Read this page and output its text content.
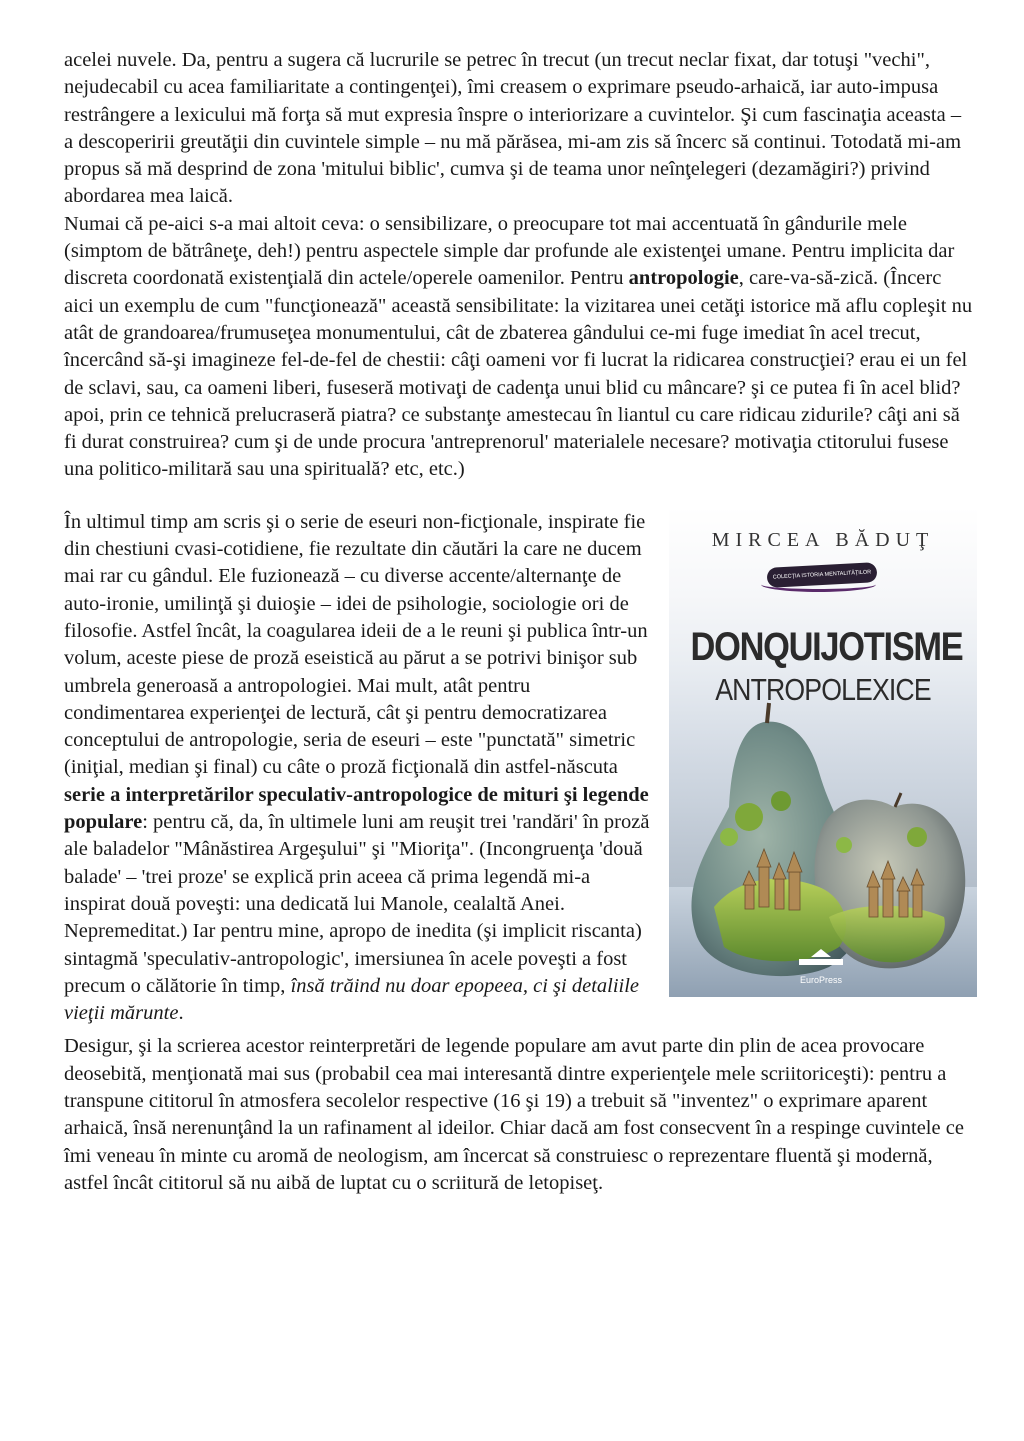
acelei nuvele. Da, pentru a sugera că lucrurile se petrec în trecut (un trecut neclar fixat, dar totuşi "vechi", nejudecabil cu acea familiaritate a contingenţei), îmi creasem o exprimare pseudo-arhaică, iar auto-impusa restrângere a lexicului mă forţa să mut expresia înspre o interiorizare a cuvintelor. Şi cum fascinaţia aceasta – a descoperirii greutăţii din cuvintele simple – nu mă părăsea, mi-am zis să încerc să continui. Totodată mi-am propus să mă desprind de zona 'mitului biblic', cumva şi de teama unor neînţelegeri (dezamăgiri?) privind abordarea mea laică.

Numai că pe-aici s-a mai altoit ceva: o sensibilizare, o preocupare tot mai accentuată în gândurile mele (simptom de bătrâneţe, deh!) pentru aspectele simple dar profunde ale existenţei umane. Pentru implicita dar discreta coordonată existenţială din actele/operele oamenilor. Pentru antropologie, care-va-să-zică. (Încerc aici un exemplu de cum "funcţionează" această sensibilitate: la vizitarea unei cetăţi istorice mă aflu copleşit nu atât de grandoarea/frumuseţea monumentului, cât de zbaterea gândului ce-mi fuge imediat în acel trecut, încercând să-şi imagineze fel-de-fel de chestii: câţi oameni vor fi lucrat la ridicarea construcţiei? erau ei un fel de sclavi, sau, ca oameni liberi, fuseseră motivaţi de cadenţa unui blid cu mâncare? şi ce putea fi în acel blid? apoi, prin ce tehnică prelucraseră piatra? ce substanţe amestecau în liantul cu care ridicau zidurile? câţi ani să fi durat construirea? cum şi de unde procura 'antreprenorul' materialele necesare? motivaţia ctitorului fusese una politico-militară sau una spirituală? etc, etc.)

MIRCEA BĂDUŢ
COLECŢIA ISTORIA MENTALITĂŢILOR
DONQUIJOTISME
ANTROPOLEXICE
EuroPress

În ultimul timp am scris şi o serie de eseuri non-ficţionale, inspirate fie din chestiuni cvasi-cotidiene, fie rezultate din căutări la care ne ducem mai rar cu gândul. Ele fuzionează – cu diverse accente/alternanţe de auto-ironie, umilinţă şi duioşie – idei de psihologie, sociologie ori de filosofie. Astfel încât, la coagularea ideii de a le reuni şi publica într-un volum, aceste piese de proză eseistică au părut a se potrivi binişor sub umbrela generoasă a antropologiei. Mai mult, atât pentru condimentarea experienţei de lectură, cât şi pentru democratizarea conceptului de antropologie, seria de eseuri – este "punctată" simetric (iniţial, median şi final) cu câte o proză ficţională din astfel-născuta serie a interpretărilor speculativ-antropologice de mituri şi legende populare: pentru că, da, în ultimele luni am reuşit trei 'randări' în proză ale baladelor "Mânăstirea Argeşului" şi "Mioriţa". (Incongruenţa 'două balade' – 'trei proze' se explică prin aceea că prima legendă mi-a inspirat două poveşti: una dedicată lui Manole, cealaltă Anei. Nepremeditat.) Iar pentru mine, apropo de inedita (şi implicit riscanta) sintagmă 'speculativ-antropologic', imersiunea în acele poveşti a fost precum o călătorie în timp, însă trăind nu doar epopeea, ci şi detaliile vieţii mărunte.

Desigur, şi la scrierea acestor reinterpretări de legende populare am avut parte din plin de acea provocare deosebită, menţionată mai sus (probabil cea mai interesantă dintre experienţele mele scriitoriceşti): pentru a transpune cititorul în atmosfera secolelor respective (16 şi 19) a trebuit să "inventez" o exprimare aparent arhaică, însă nerenunţând la un rafinament al ideilor. Chiar dacă am fost consecvent în a respinge cuvintele ce îmi veneau în minte cu aromă de neologism, am încercat să construiesc o reprezentare fluentă şi modernă, astfel încât cititorul să nu aibă de luptat cu o scriitură de letopiseţ.
